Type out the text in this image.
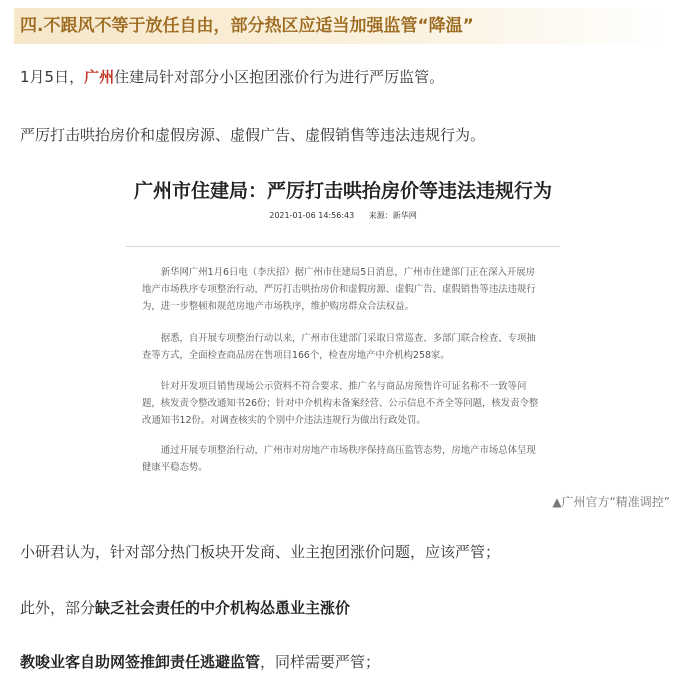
四.不跟风不等于放任自由，部分热区应适当加强监管“降温”
1月5日，广州住建局针对部分小区抱团涨价行为进行严厉监管。
严厉打击哄抬房价和虚假房源、虚假广告、虚假销售等违法违规行为。
广州市住建局：严厉打击哄抬房价等违法违规行为
2021-01-06 14:56:43 来源：新华网

新华网广州1月6日电（李庆招）据广州市住建局5日消息，广州市住建部门正在深入开展房地产市场秩序专项整治行动，严厉打击哄抬房价和虚假房源、虚假广告、虚假销售等违法违规行为，进一步整顿和规范房地产市场秩序，维护购房群众合法权益。

据悉，自开展专项整治行动以来，广州市住建部门采取日常巡查、多部门联合检查、专项抽查等方式，全面检查商品房在售项目166个，检查房地产中介机构258家。

针对开发项目销售现场公示资料不符合要求、推广名与商品房预售许可证名称不一致等问题，核发责令整改通知书26份；针对中介机构未备案经营、公示信息不齐全等问题，核发责令整改通知书12份。对调查核实的个别中介违法违规行为做出行政处罚。

通过开展专项整治行动，广州市对房地产市场秩序保持高压监管态势，房地产市场总体呈现健康平稳态势。

▲广州官方“精准调控”
小研君认为，针对部分热门板块开发商、业主抱团涨价问题，应该严管；
此外，部分缺乏社会责任的中介机构怂恿业主涨价
教唆业客自助网签推卸责任逃避监管，同样需要严管；
